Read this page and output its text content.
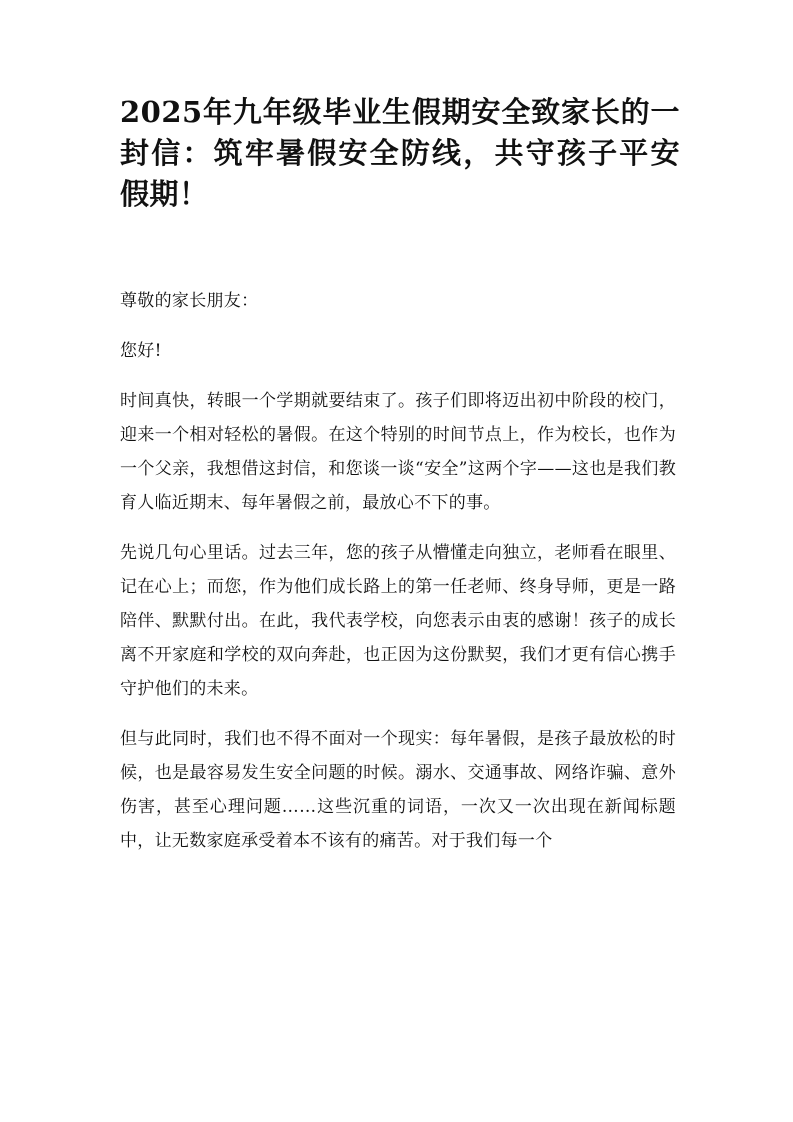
2025年九年级毕业生假期安全致家长的一封信：筑牢暑假安全防线，共守孩子平安假期！

尊敬的家长朋友：

您好!

时间真快，转眼一个学期就要结束了。孩子们即将迈出初中阶段的校门，迎来一个相对轻松的暑假。在这个特别的时间节点上，作为校长，也作为一个父亲，我想借这封信，和您谈一谈“安全”这两个字——这也是我们教育人临近期末、每年暑假之前，最放心不下的事。

先说几句心里话。过去三年，您的孩子从懵懂走向独立，老师看在眼里、记在心上；而您，作为他们成长路上的第一任老师、终身导师，更是一路陪伴、默默付出。在此，我代表学校，向您表示由衷的感谢！孩子的成长离不开家庭和学校的双向奔赴，也正因为这份默契，我们才更有信心携手守护他们的未来。

但与此同时，我们也不得不面对一个现实：每年暑假，是孩子最放松的时候，也是最容易发生安全问题的时候。溺水、交通事故、网络诈骗、意外伤害，甚至心理问题……这些沉重的词语，一次又一次出现在新闻标题中，让无数家庭承受着本不该有的痛苦。对于我们每一个
